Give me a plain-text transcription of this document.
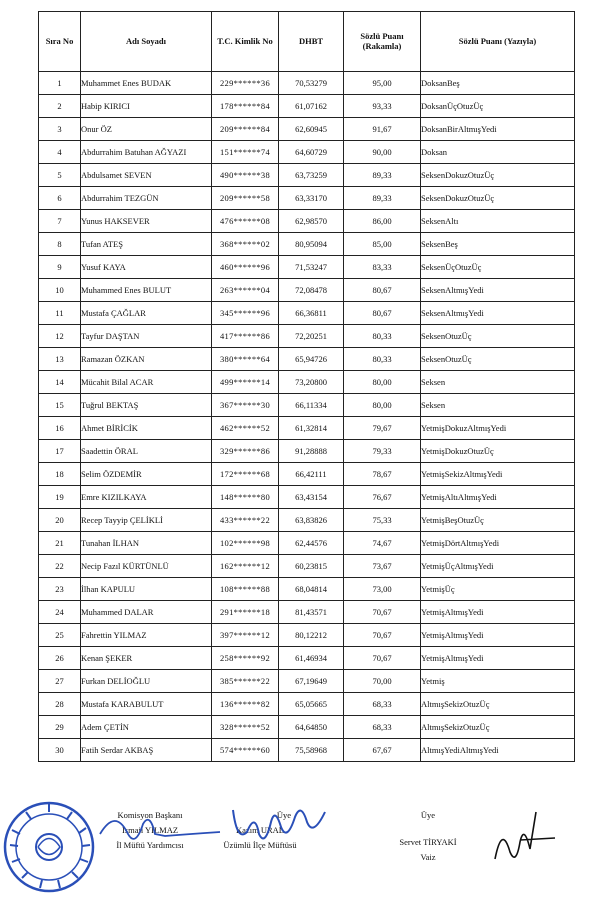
Sıra No	Adı Soyadı	T.C. Kimlik No	DHBT	Sözlü Puanı (Rakamla)	Sözlü Puanı (Yazıyla)
1	Muhammet Enes BUDAK	229******36	70,53279	95,00	DoksanBeş
2	Habip KIRICI	178******84	61,07162	93,33	DoksanÜçOtuzÜç
3	Onur ÖZ	209******84	62,60945	91,67	DoksanBirAltmışYedi
4	Abdurrahim Batuhan AĞYAZI	151******74	64,60729	90,00	Doksan
5	Abdulsamet SEVEN	490******38	63,73259	89,33	SeksenDokuzOtuzÜç
6	Abdurrahim TEZGÜN	209******58	63,33170	89,33	SeksenDokuzOtuzÜç
7	Yunus HAKSEVER	476******08	62,98570	86,00	SeksenAltı
8	Tufan ATEŞ	368******02	80,95094	85,00	SeksenBeş
9	Yusuf KAYA	460******96	71,53247	83,33	SeksenÜçOtuzÜç
10	Muhammed Enes BULUT	263******04	72,08478	80,67	SeksenAltmışYedi
11	Mustafa ÇAĞLAR	345******96	66,36811	80,67	SeksenAltmışYedi
12	Tayfur DAŞTAN	417******86	72,20251	80,33	SeksenOtuzÜç
13	Ramazan ÖZKAN	380******64	65,94726	80,33	SeksenOtuzÜç
14	Mücahit Bilal ACAR	499******14	73,20800	80,00	Seksen
15	Tuğrul BEKTAŞ	367******30	66,11334	80,00	Seksen
16	Ahmet BİRİCİK	462******52	61,32814	79,67	YetmişDokuzAltmışYedi
17	Saadettin ÖRAL	329******86	91,28888	79,33	YetmişDokuzOtuzÜç
18	Selim ÖZDEMİR	172******68	66,42111	78,67	YetmişSekizAltmışYedi
19	Emre KIZILKAYA	148******80	63,43154	76,67	YetmişAltıAltmışYedi
20	Recep Tayyip ÇELİKLİ	433******22	63,83826	75,33	YetmişBeşOtuzÜç
21	Tunahan İLHAN	102******98	62,44576	74,67	YetmişDörtAltmışYedi
22	Necip Fazıl KÜRTÜNLÜ	162******12	60,23815	73,67	YetmişÜçAltmışYedi
23	İlhan KAPULU	108******88	68,04814	73,00	YetmişÜç
24	Muhammed DALAR	291******18	81,43571	70,67	YetmişAltmışYedi
25	Fahrettin YILMAZ	397******12	80,12212	70,67	YetmişAltmışYedi
26	Kenan ŞEKER	258******92	61,46934	70,67	YetmişAltmışYedi
27	Furkan DELİOĞLU	385******22	67,19649	70,00	Yetmiş
28	Mustafa KARABULUT	136******82	65,05665	68,33	AltmışSekizOtuzÜç
29	Adem ÇETİN	328******52	64,64850	68,33	AltmışSekizOtuzÜç
30	Fatih Serdar AKBAŞ	574******60	75,58968	67,67	AltmışYediAltmışYedi
Komisyon Başkanı
İsmail YILMAZ
İl Müftü Yardımcısı
Üye
Kazım URAL
Üzümlü İlçe Müftüsü
Üye
Servet TİRYAKİ
Vaiz
